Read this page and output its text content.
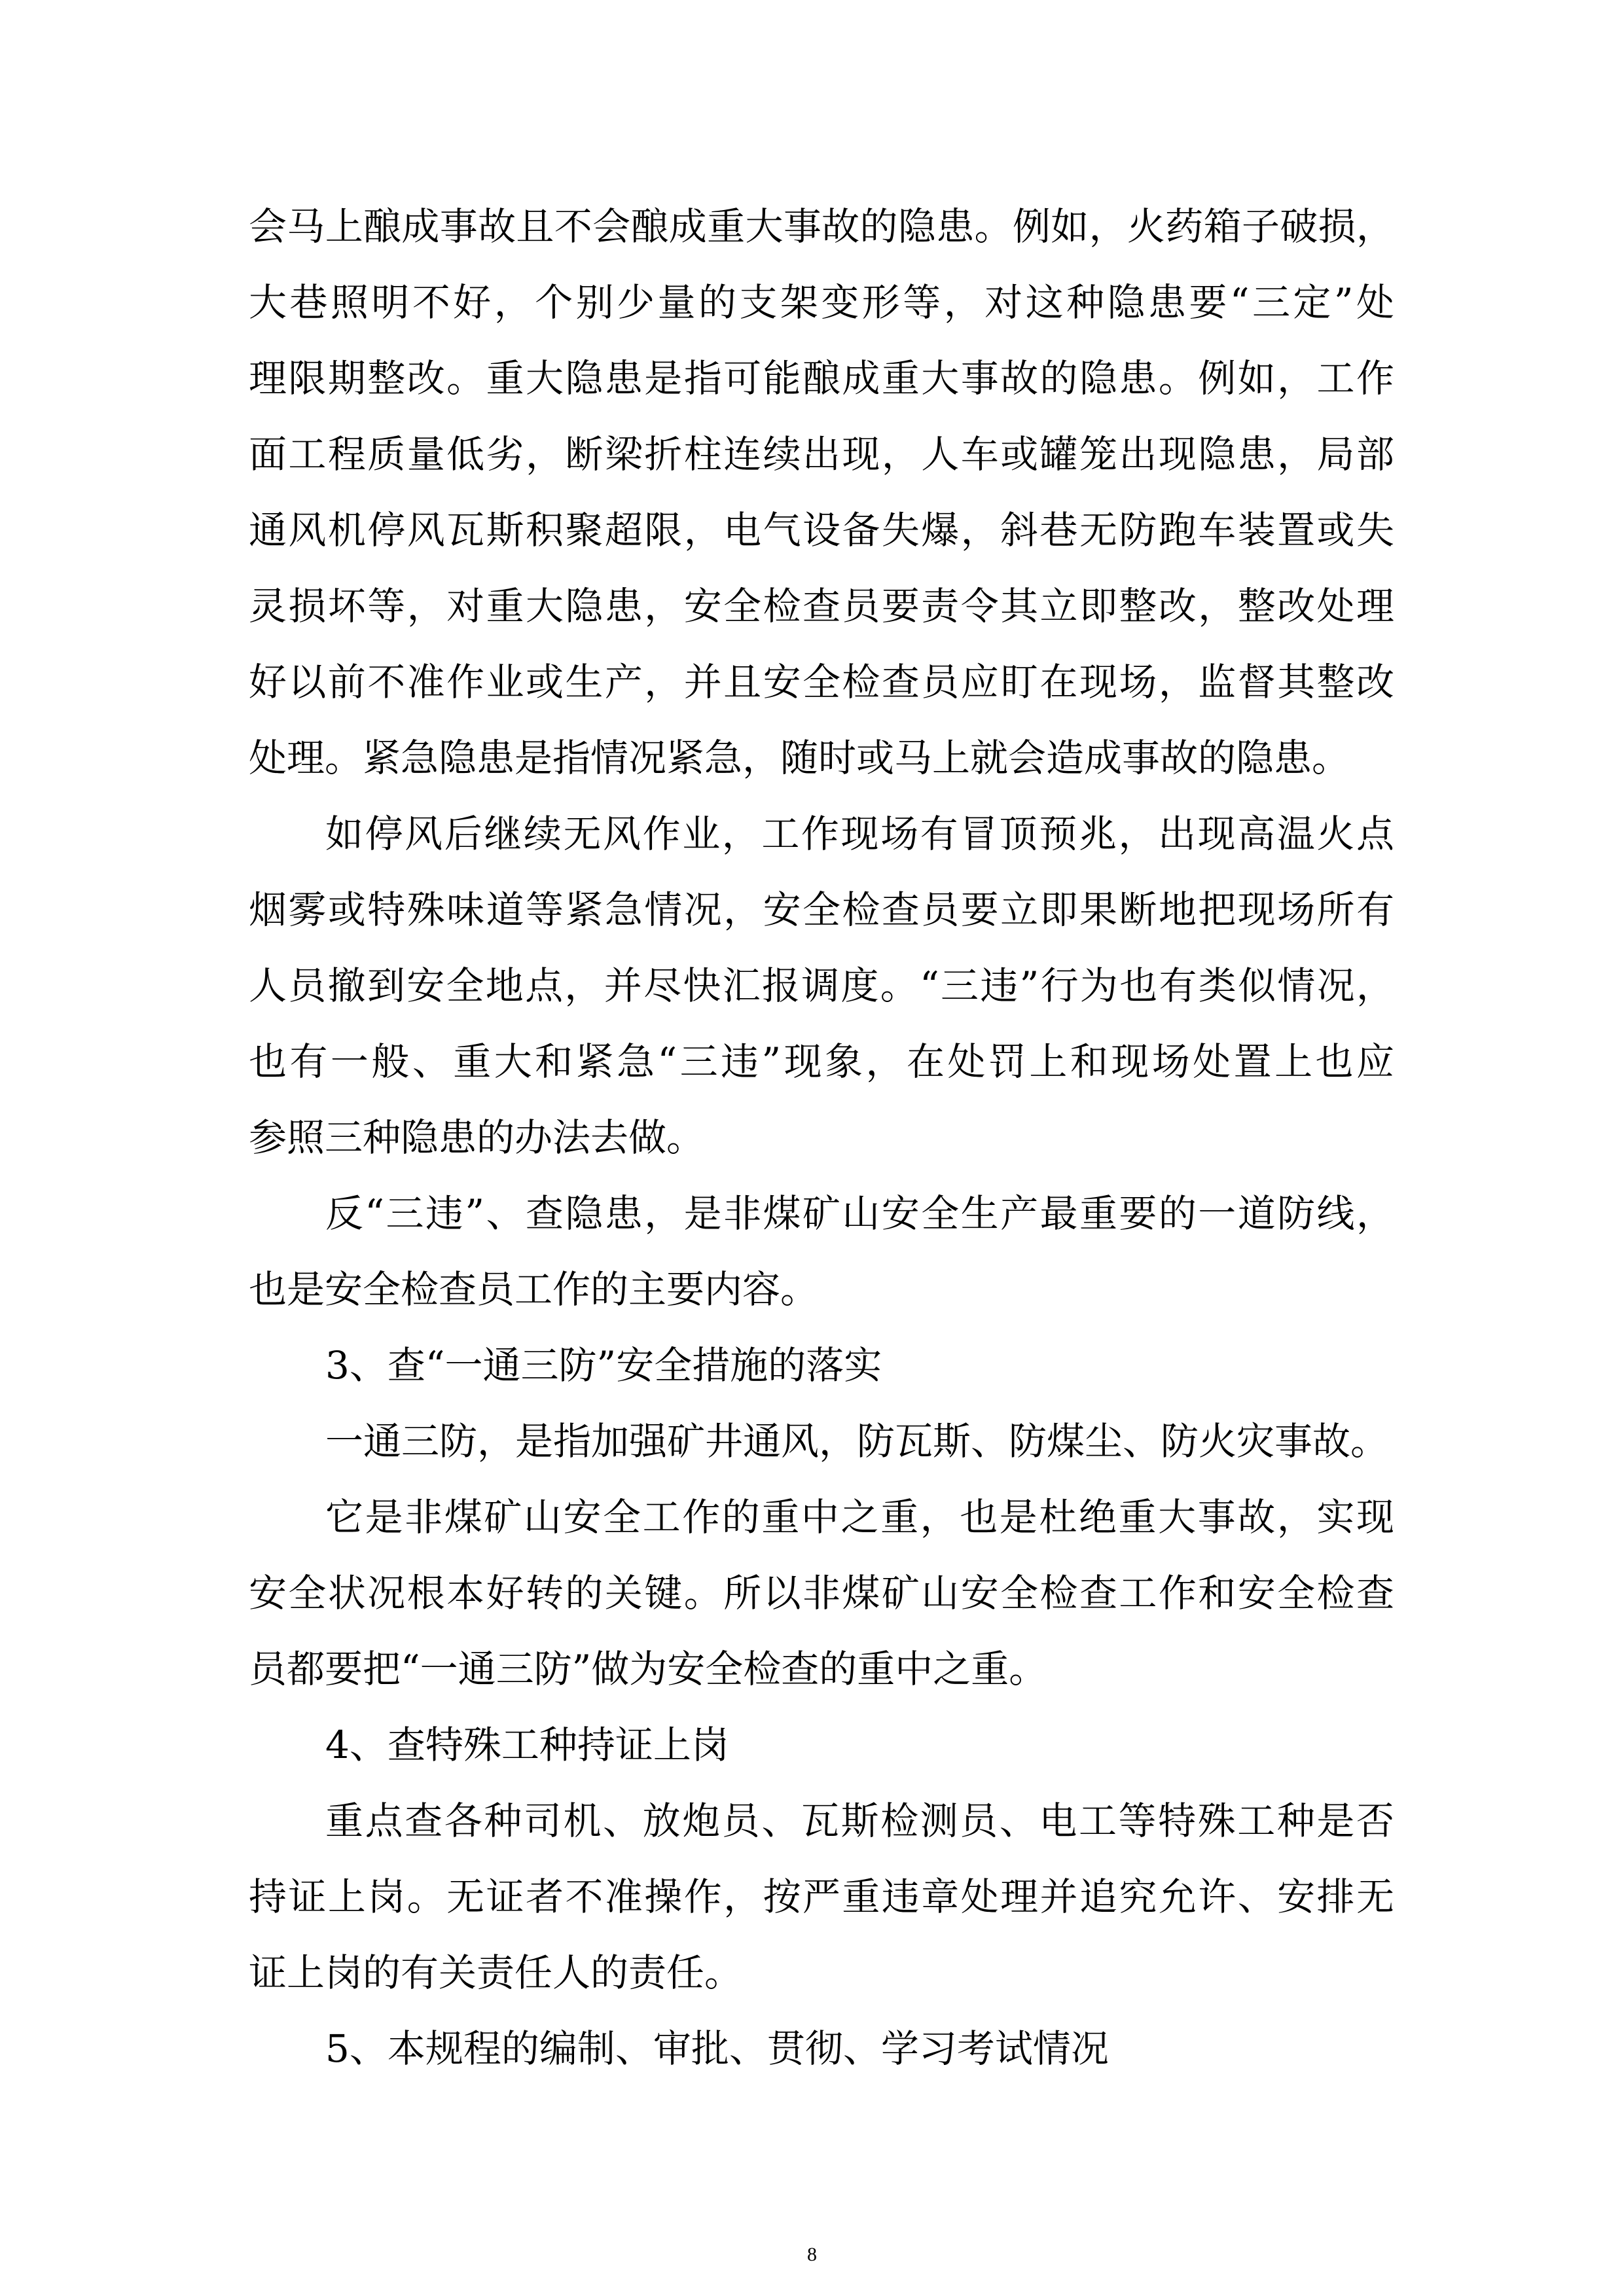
会马上酿成事故且不会酿成重大事故的隐患。例如，火药箱子破损，
大巷照明不好，个别少量的支架变形等，对这种隐患要“三定”处
理限期整改。重大隐患是指可能酿成重大事故的隐患。例如，工作
面工程质量低劣，断梁折柱连续出现，人车或罐笼出现隐患，局部
通风机停风瓦斯积聚超限，电气设备失爆，斜巷无防跑车装置或失
灵损坏等，对重大隐患，安全检查员要责令其立即整改，整改处理
好以前不准作业或生产，并且安全检查员应盯在现场，监督其整改
处理。紧急隐患是指情况紧急，随时或马上就会造成事故的隐患。
如停风后继续无风作业，工作现场有冒顶预兆，出现高温火点
烟雾或特殊味道等紧急情况，安全检查员要立即果断地把现场所有
人员撤到安全地点，并尽快汇报调度。“三违”行为也有类似情况，
也有一般、重大和紧急“三违”现象，在处罚上和现场处置上也应
参照三种隐患的办法去做。
反“三违”、查隐患，是非煤矿山安全生产最重要的一道防线，
也是安全检查员工作的主要内容。
3、查“一通三防”安全措施的落实
一通三防，是指加强矿井通风，防瓦斯、防煤尘、防火灾事故。
它是非煤矿山安全工作的重中之重，也是杜绝重大事故，实现
安全状况根本好转的关键。所以非煤矿山安全检查工作和安全检查
员都要把“一通三防”做为安全检查的重中之重。
4、查特殊工种持证上岗
重点查各种司机、放炮员、瓦斯检测员、电工等特殊工种是否
持证上岗。无证者不准操作，按严重违章处理并追究允许、安排无
证上岗的有关责任人的责任。
5、本规程的编制、审批、贯彻、学习考试情况
8
